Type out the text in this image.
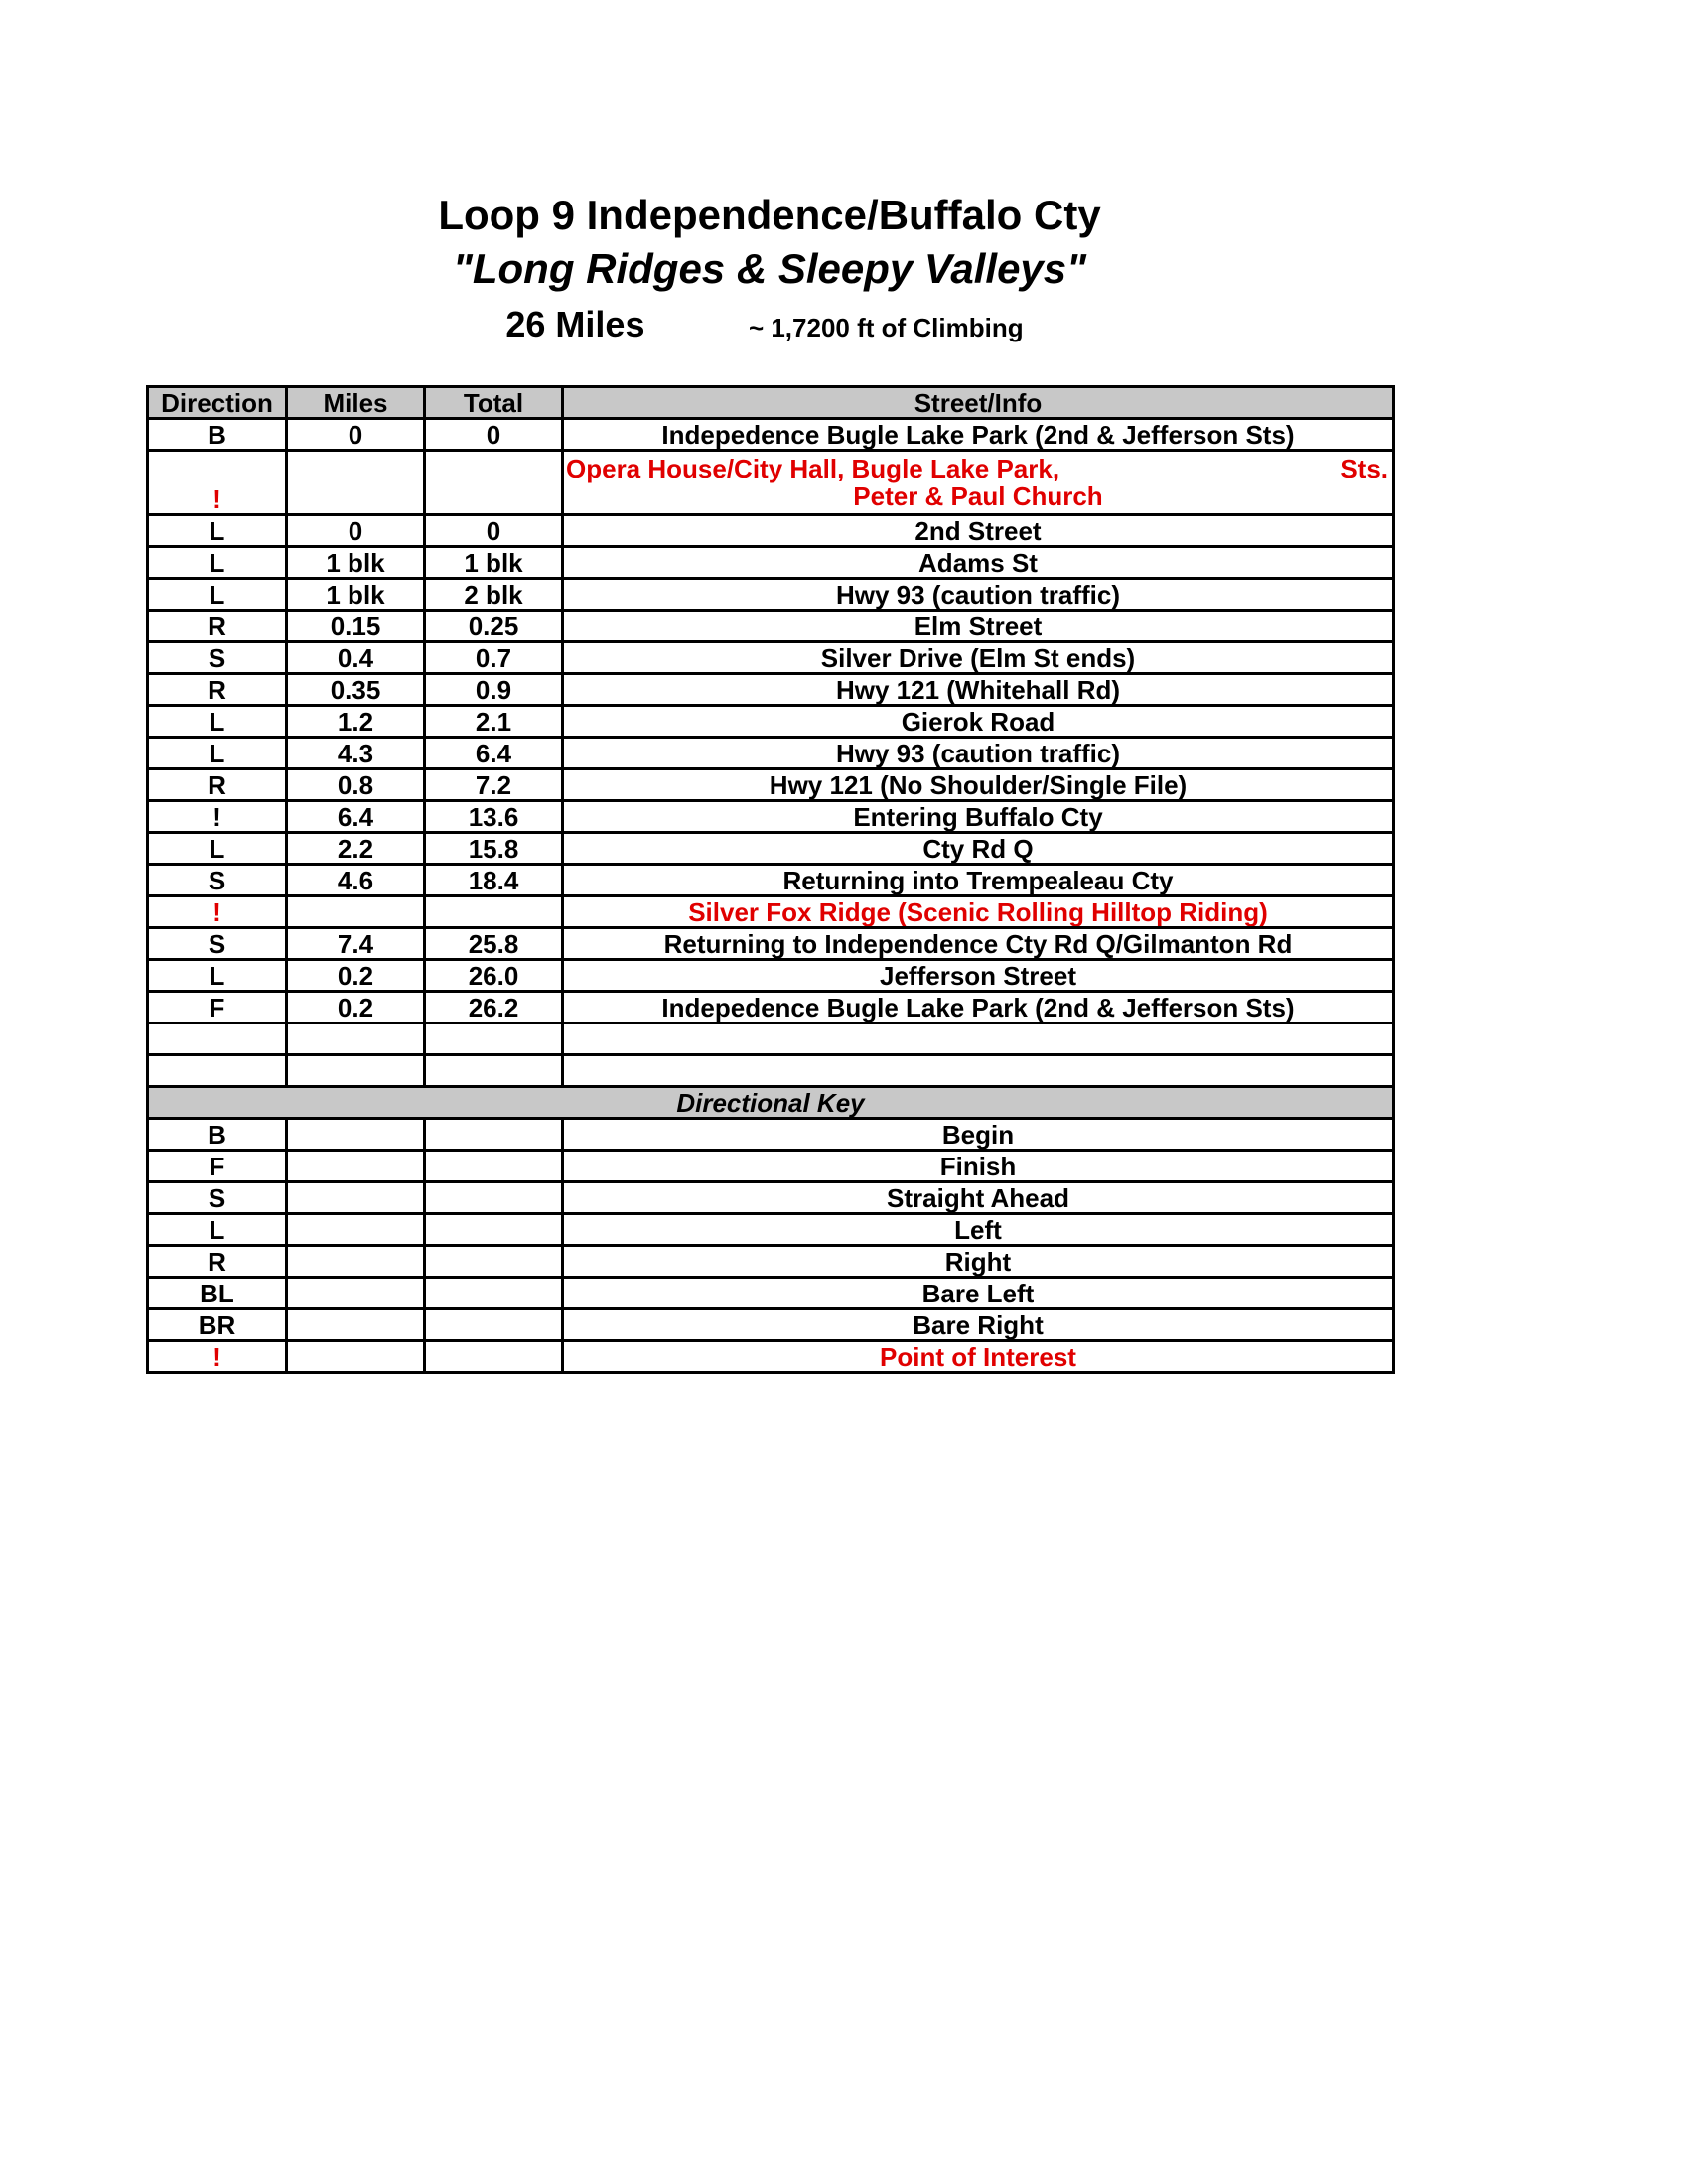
Loop 9 Independence/Buffalo Cty
"Long Ridges & Sleepy Valleys"
26 Miles	~ 1,7200 ft of Climbing
Direction	Miles	Total	Street/Info
B	0	0	Indepedence Bugle Lake Park (2nd & Jefferson Sts)
!			Opera House/City Hall, Bugle Lake Park, Sts.
Peter & Paul Church

L	0	0	2nd Street
L	1 blk	1 blk	Adams St
L	1 blk	2 blk	Hwy 93 (caution traffic)
R	0.15	0.25	Elm Street
S	0.4	0.7	Silver Drive (Elm St ends)
R	0.35	0.9	Hwy 121 (Whitehall Rd)
L	1.2	2.1	Gierok Road
L	4.3	6.4	Hwy 93 (caution traffic)
R	0.8	7.2	Hwy 121 (No Shoulder/Single File)
!	6.4	13.6	Entering Buffalo Cty
L	2.2	15.8	Cty Rd Q
S	4.6	18.4	Returning into Trempealeau Cty
!			Silver Fox Ridge (Scenic Rolling Hilltop Riding)
S	7.4	25.8	Returning to Independence Cty Rd Q/Gilmanton Rd
L	0.2	26.0	Jefferson Street
F	0.2	26.2	Indepedence Bugle Lake Park (2nd & Jefferson Sts)

Directional Key			
B			Begin
F			Finish
S			Straight Ahead
L			Left
R			Right
BL			Bare Left
BR			Bare Right
!			Point of Interest
